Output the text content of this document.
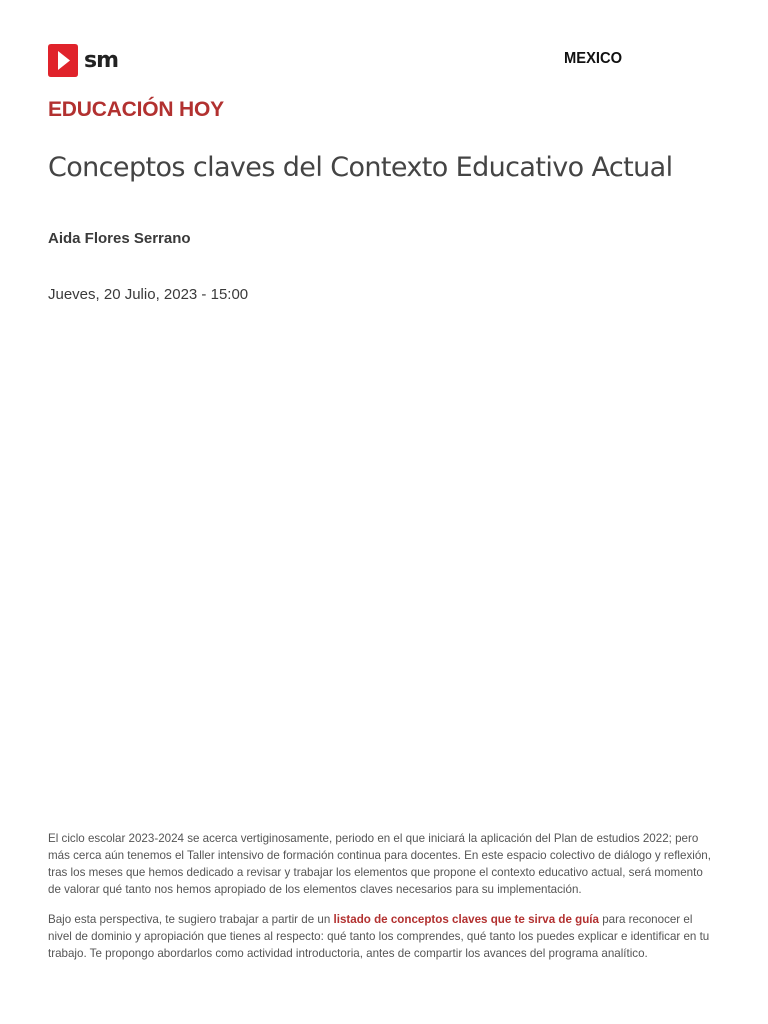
sm	MEXICO
EDUCACIÓN HOY
Conceptos claves del Contexto Educativo Actual
Aida Flores Serrano
Jueves, 20 Julio, 2023 - 15:00

El ciclo escolar 2023-2024 se acerca vertiginosamente, periodo en el que iniciará la aplicación del Plan de estudios 2022; pero más cerca aún tenemos el Taller intensivo de formación continua para docentes. En este espacio colectivo de diálogo y reflexión, tras los meses que hemos dedicado a revisar y trabajar los elementos que propone el contexto educativo actual, será momento de valorar qué tanto nos hemos apropiado de los elementos claves necesarios para su implementación.

Bajo esta perspectiva, te sugiero trabajar a partir de un listado de conceptos claves que te sirva de guía para reconocer el nivel de dominio y apropiación que tienes al respecto: qué tanto los comprendes, qué tanto los puedes explicar e identificar en tu trabajo. Te propongo abordarlos como actividad introductoria, antes de compartir los avances del programa analítico.
